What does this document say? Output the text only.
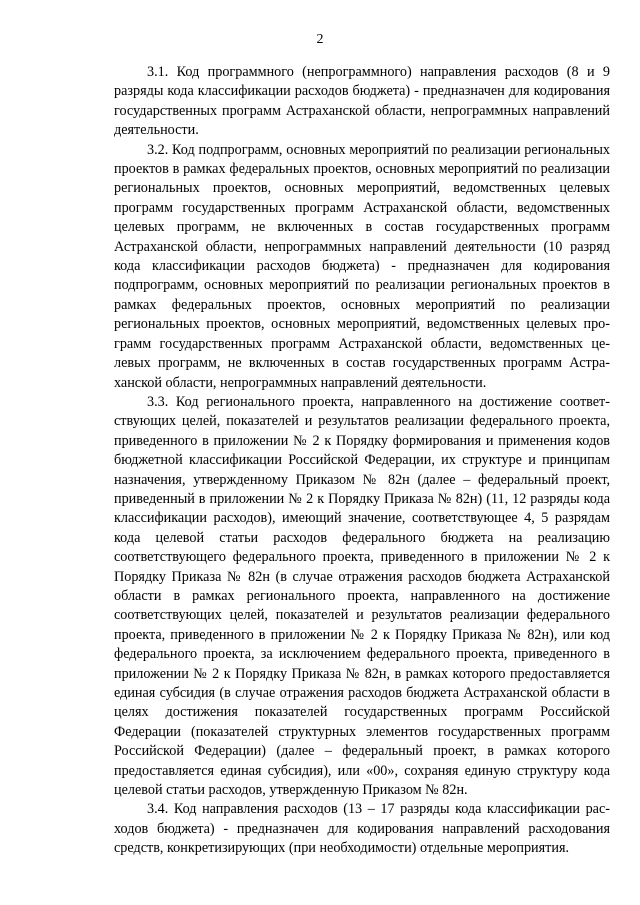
2

3.1. Код программного (непрограммного) направления расходов (8 и 9 разряды кода классификации расходов бюджета) - предназначен для кодирования государственных программ Астраханской области, непрограммных направлений деятельности.

3.2. Код подпрограмм, основных мероприятий по реализации региональных проектов в рамках федеральных проектов, основных мероприятий по реализации региональных проектов, основных мероприятий, ведомственных целевых программ государственных программ Астраханской области, ведомственных целевых программ, не включенных в состав государственных программ Астраханской области, непрограммных направлений деятельности (10 разряд кода классификации расходов бюджета) - предназначен для кодирования подпрограмм, основных мероприятий по реализации региональных проектов в рамках федеральных проектов, основных мероприятий по реализации региональных проектов, основных мероприятий, ведомственных целевых программ государственных программ Астраханской области, ведомственных целевых программ, не включенных в состав государственных программ Астраханской области, непрограммных направлений деятельности.

3.3. Код регионального проекта, направленного на достижение соответствующих целей, показателей и результатов реализации федерального проекта, приведенного в приложении № 2 к Порядку формирования и применения кодов бюджетной классификации Российской Федерации, их структуре и принципам назначения, утвержденному Приказом № 82н (далее – федеральный проект, приведенный в приложении № 2 к Порядку Приказа № 82н) (11, 12 разряды кода классификации расходов), имеющий значение, соответствующее 4, 5 разрядам кода целевой статьи расходов федерального бюджета на реализацию соответствующего федерального проекта, приведенного в приложении № 2 к Порядку Приказа № 82н (в случае отражения расходов бюджета Астраханской области в рамках регионального проекта, направленного на достижение соответствующих целей, показателей и результатов реализации федерального проекта, приведенного в приложении № 2 к Порядку Приказа № 82н), или код федерального проекта, за исключением федерального проекта, приведенного в приложении № 2 к Порядку Приказа № 82н, в рамках которого предоставляется единая субсидия (в случае отражения расходов бюджета Астраханской области в целях достижения показателей государственных программ Российской Федерации (показателей структурных элементов государственных программ Российской Федерации) (далее – федеральный проект, в рамках которого предоставляется единая субсидия), или «00», сохраняя единую структуру кода целевой статьи расходов, утвержденную Приказом № 82н.

3.4. Код направления расходов (13 – 17 разряды кода классификации расходов бюджета) - предназначен для кодирования направлений расходования средств, конкретизирующих (при необходимости) отдельные мероприятия.
